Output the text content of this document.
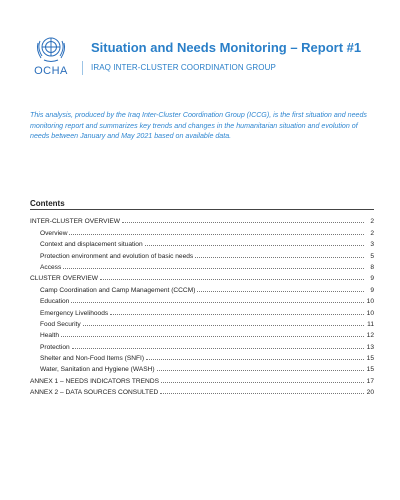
OCHA
Situation and Needs Monitoring – Report #1
IRAQ INTER-CLUSTER COORDINATION GROUP
This analysis, produced by the Iraq Inter-Cluster Coordination Group (ICCG), is the first situation and needs monitoring report and summarizes key trends and changes in the humanitarian situation and evolution of needs between January and May 2021 based on available data.
Contents
INTER-CLUSTER OVERVIEW	2
Overview	2
Context and displacement situation	3
Protection environment and evolution of basic needs	5
Access	8
CLUSTER OVERVIEW	9
Camp Coordination and Camp Management (CCCM)	9
Education	10
Emergency Livelihoods	10
Food Security	11
Health	12
Protection	13
Shelter and Non-Food Items (SNFI)	15
Water, Sanitation and Hygiene (WASH)	15
ANNEX 1 – NEEDS INDICATORS TRENDS	17
ANNEX 2 – DATA SOURCES CONSULTED	20
